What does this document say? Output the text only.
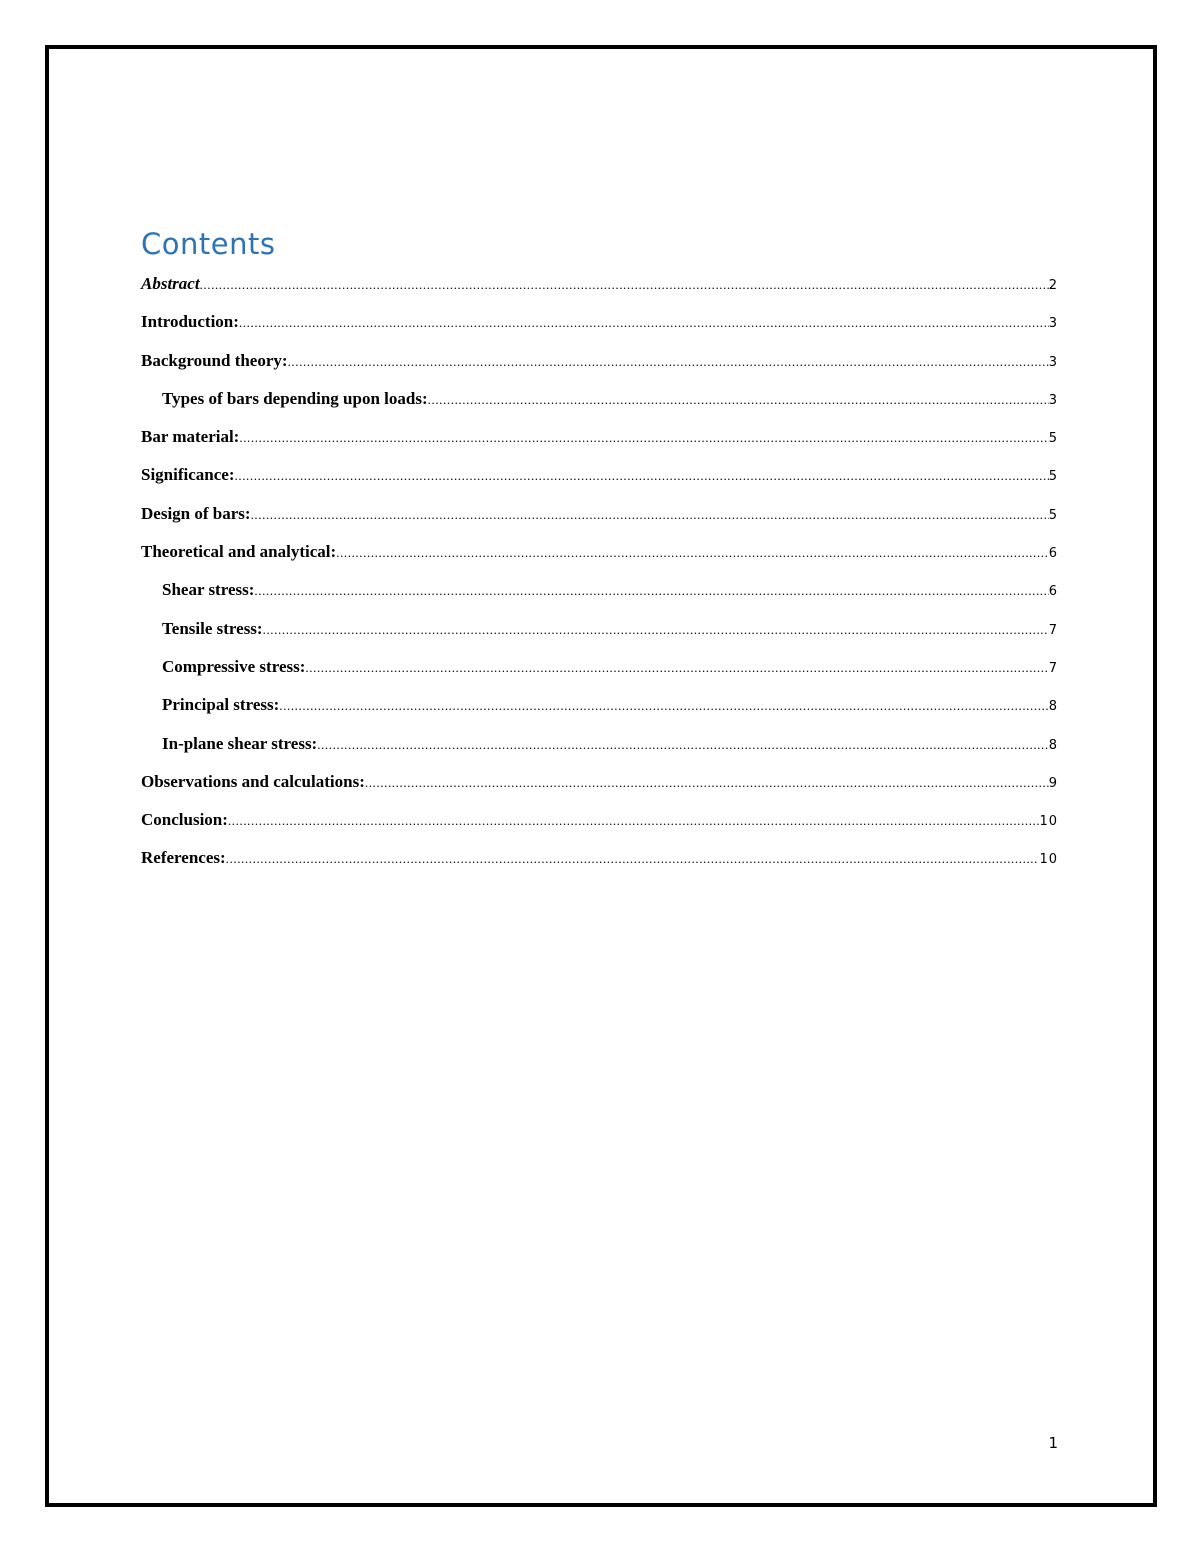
Contents
Abstract .....	2
Introduction: .....	3
Background theory: .....	3
Types of bars depending upon loads: .....	3
Bar material: .....	5
Significance: .....	5
Design of bars: .....	5
Theoretical and analytical: .....	6
Shear stress: .....	6
Tensile stress: .....	7
Compressive stress: .....	7
Principal stress: .....	8
In-plane shear stress: .....	8
Observations and calculations: .....	9
Conclusion: .....	10
References: .....	10
1
